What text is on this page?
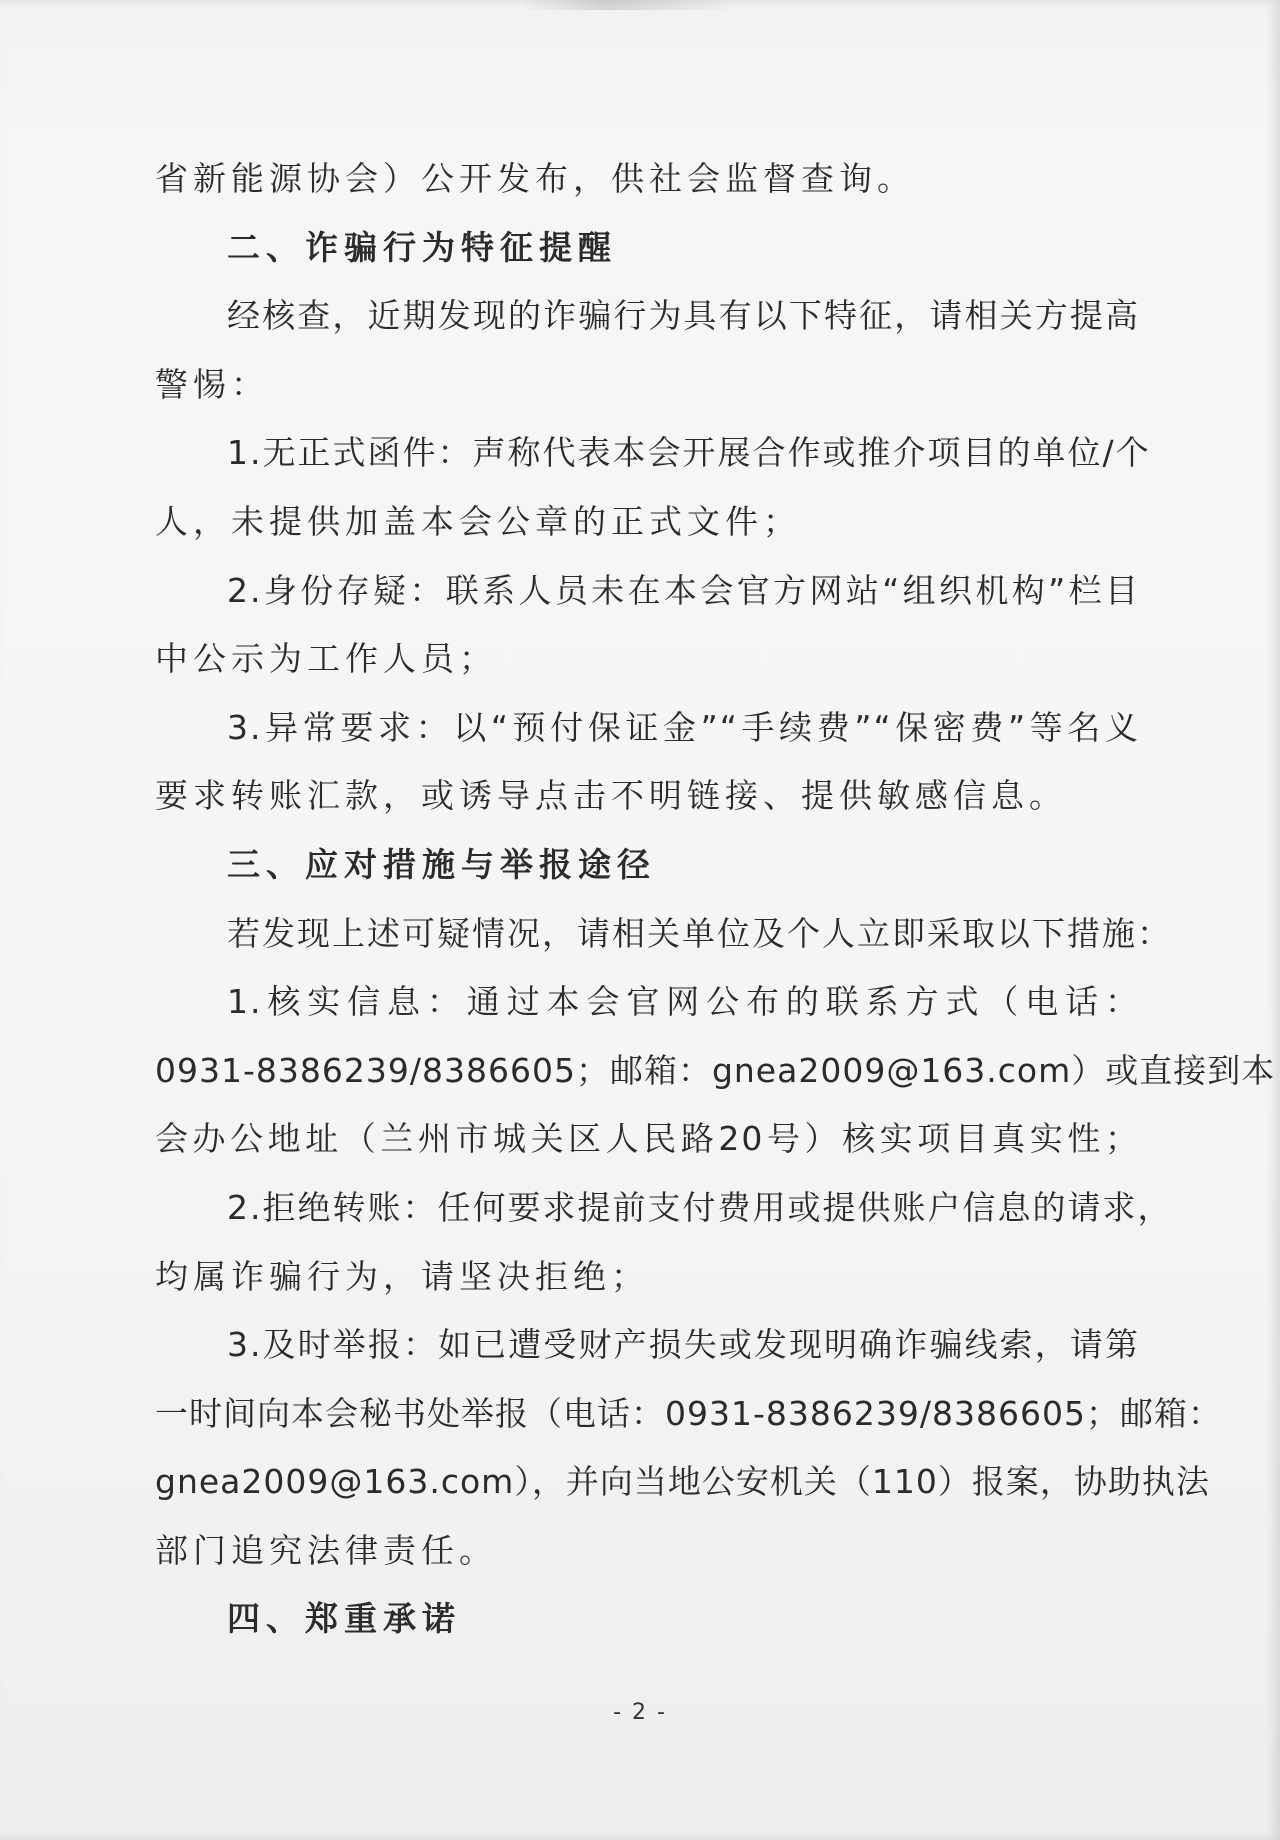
省新能源协会）公开发布，供社会监督查询。
二、诈骗行为特征提醒
经核查，近期发现的诈骗行为具有以下特征，请相关方提高
警惕：
1.无正式函件：声称代表本会开展合作或推介项目的单位/个
人，未提供加盖本会公章的正式文件；
2.身份存疑：联系人员未在本会官方网站“组织机构”栏目
中公示为工作人员；
3.异常要求：以“预付保证金”“手续费”“保密费”等名义
要求转账汇款，或诱导点击不明链接、提供敏感信息。
三、应对措施与举报途径
若发现上述可疑情况，请相关单位及个人立即采取以下措施：
1.核实信息：通过本会官网公布的联系方式（电话：
0931-8386239/8386605；邮箱：gnea2009@163.com）或直接到本
会办公地址（兰州市城关区人民路20号）核实项目真实性；
2.拒绝转账：任何要求提前支付费用或提供账户信息的请求，
均属诈骗行为，请坚决拒绝；
3.及时举报：如已遭受财产损失或发现明确诈骗线索，请第
一时间向本会秘书处举报（电话：0931-8386239/8386605；邮箱：
gnea2009@163.com），并向当地公安机关（110）报案，协助执法
部门追究法律责任。
四、郑重承诺
- 2 -
